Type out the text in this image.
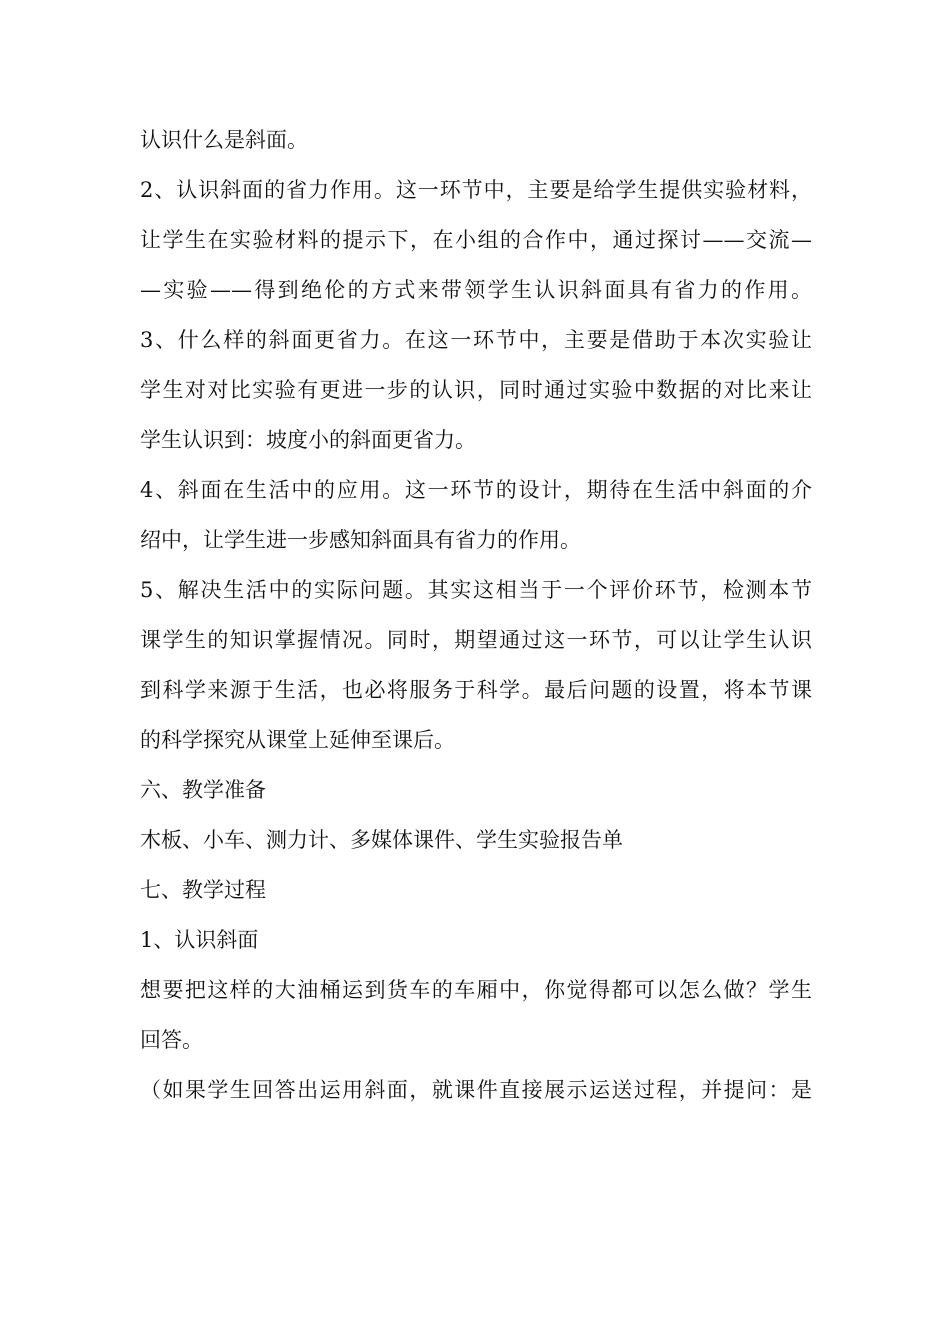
认识什么是斜面。
2、认识斜面的省力作用。这一环节中，主要是给学生提供实验材料，
让学生在实验材料的提示下，在小组的合作中，通过探讨——交流—
—实验——得到绝伦的方式来带领学生认识斜面具有省力的作用。
3、什么样的斜面更省力。在这一环节中，主要是借助于本次实验让
学生对对比实验有更进一步的认识，同时通过实验中数据的对比来让
学生认识到：坡度小的斜面更省力。
4、斜面在生活中的应用。这一环节的设计，期待在生活中斜面的介
绍中，让学生进一步感知斜面具有省力的作用。
5、解决生活中的实际问题。其实这相当于一个评价环节，检测本节
课学生的知识掌握情况。同时，期望通过这一环节，可以让学生认识
到科学来源于生活，也必将服务于科学。最后问题的设置，将本节课
的科学探究从课堂上延伸至课后。
六、教学准备
木板、小车、测力计、多媒体课件、学生实验报告单
七、教学过程
1、认识斜面
想要把这样的大油桶运到货车的车厢中，你觉得都可以怎么做？学生
回答。
（如果学生回答出运用斜面，就课件直接展示运送过程，并提问：是
